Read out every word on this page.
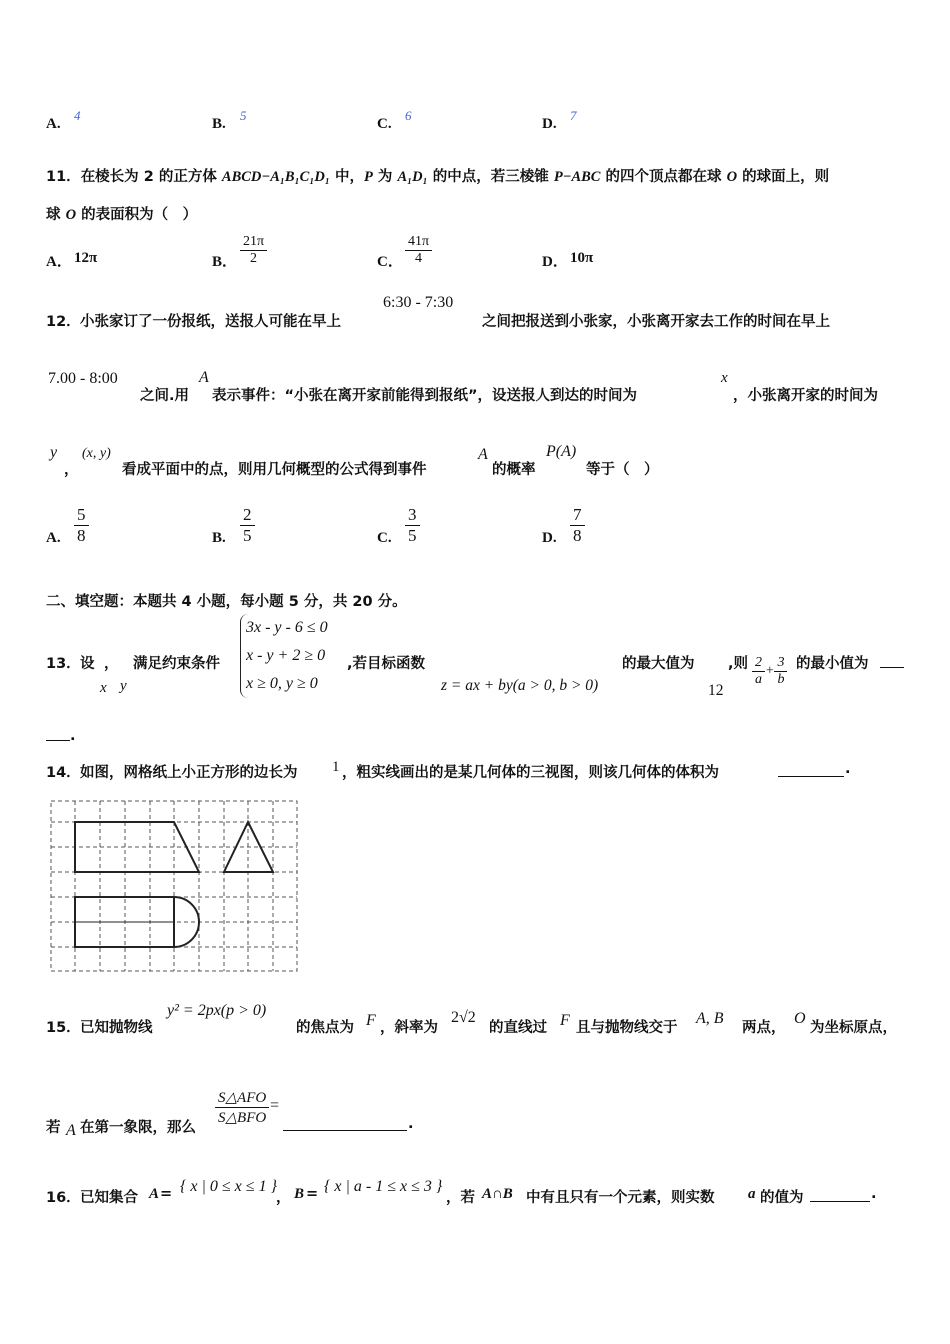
A.
4
B.
5
C.
6
D.
7
11．在棱长为 2 的正方体 ABCD−A₁B₁C₁D₁ 中，P 为 A₁D₁ 的中点，若三棱锥 P−ABC 的四个顶点都在球 O 的球面上，则
球 O 的表面积为（　）
A． 12π	B． $\frac{21\pi}{2}$	C． $\frac{41\pi}{4}$	D． 10π
12． 小张家订了一份报纸，送报人可能在早上
6:30 - 7:30
之间把报送到小张家，小张离开家去工作的时间在早上
7.00 - 8:00
之间.用
A
表示事件：“小张在离开家前能得到报纸”，设送报人到达的时间为
x
，小张离开家的时间为
y
，
(x, y)
看成平面中的点，则用几何概型的公式得到事件
A
的概率
P(A)
等于（　）
A. $\frac{5}{8}$	B. $\frac{2}{5}$	C. $\frac{3}{5}$	D. $\frac{7}{8}$
二、填空题：本题共 4 小题，每小题 5 分，共 20 分。
13． 设 ， 满足约束条件
x y
3x - y - 6 ≤ 0
x - y + 2 ≥ 0
x ≥ 0, y ≥ 0
,若目标函数
z = ax + by(a > 0, b > 0)
的最大值为
12
,则 $\frac{2}{a} + \frac{3}{b}$ 的最小值为
.
14． 如图，网格纸上小正方形的边长为 1 ，粗实线画出的是某几何体的三视图，则该几何体的体积为	.
15． 已知抛物线
y² = 2px(p > 0)
的焦点为 F ，斜率为
2√2
的直线过 F 且与抛物线交于
A, B
两点，
O
为坐标原点，
若 A 在第一象限，那么
S△AFO
S△BFO
=
.
16． 已知集合 A = { x | 0 ≤ x ≤ 1 }
， B = { x | a - 1 ≤ x ≤ 3 }
，若 A∩B 中有且只有一个元素，则实数 a 的值为	.
